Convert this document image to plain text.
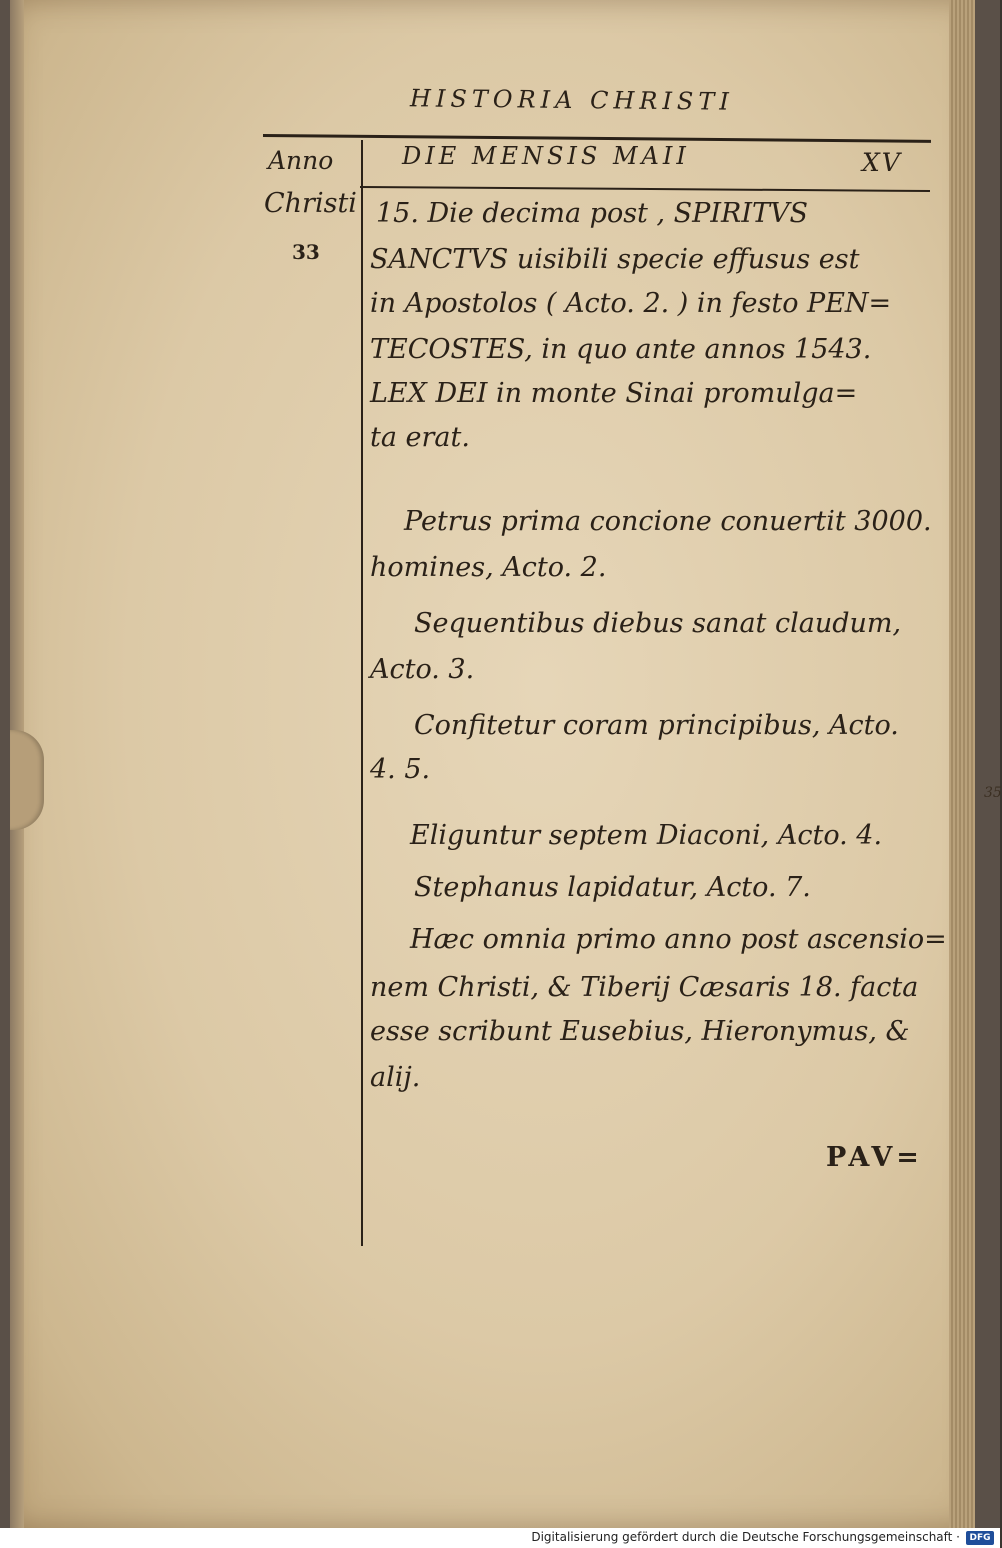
HISTORIA CHRISTI
Anno
Christi
33
DIE MENSIS MAII	XV
15. Die decima post , SPIRITVS
SANCTVS uisibili specie effusus est
in Apostolos ( Acto. 2. ) in festo PEN=
TECOSTES, in quo ante annos 1543.
LEX DEI in monte Sinai promulga=
ta erat.
Petrus prima concione conuertit 3000.
homines, Acto. 2.
Sequentibus diebus sanat claudum,
Acto. 3.
Confitetur coram principibus, Acto.
4. 5.
Eliguntur septem Diaconi, Acto. 4.
Stephanus lapidatur, Acto. 7.
Hæc omnia primo anno post ascensio=
nem Christi, & Tiberij Cæsaris 18. facta
esse scribunt Eusebius, Hieronymus, &
alij.
PAV=
35
Digitalisierung gefördert durch die Deutsche Forschungsgemeinschaft ·	DFG
